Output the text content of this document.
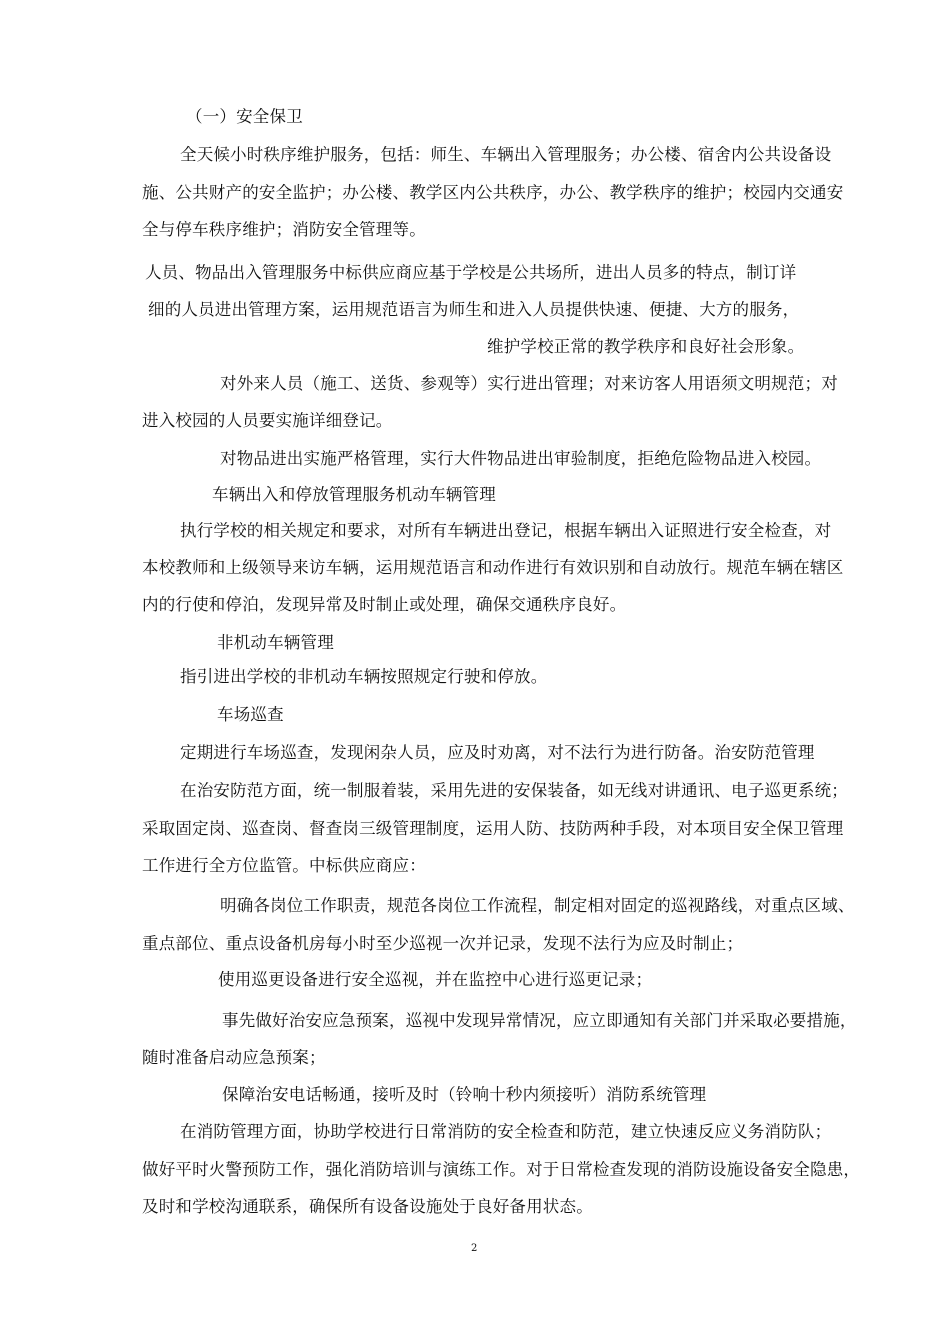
（一）安全保卫
全天候小时秩序维护服务，包括：师生、车辆出入管理服务；办公楼、宿舍内公共设备设
施、公共财产的安全监护；办公楼、教学区内公共秩序，办公、教学秩序的维护；校园内交通安
全与停车秩序维护；消防安全管理等。
人员、物品出入管理服务中标供应商应基于学校是公共场所，进出人员多的特点，制订详
细的人员进出管理方案，运用规范语言为师生和进入人员提供快速、便捷、大方的服务，
维护学校正常的教学秩序和良好社会形象。
对外来人员（施工、送货、参观等）实行进出管理；对来访客人用语须文明规范；对
进入校园的人员要实施详细登记。
对物品进出实施严格管理，实行大件物品进出审验制度，拒绝危险物品进入校园。
车辆出入和停放管理服务机动车辆管理
执行学校的相关规定和要求，对所有车辆进出登记，根据车辆出入证照进行安全检查，对
本校教师和上级领导来访车辆，运用规范语言和动作进行有效识别和自动放行。规范车辆在辖区
内的行使和停泊，发现异常及时制止或处理，确保交通秩序良好。
非机动车辆管理
指引进出学校的非机动车辆按照规定行驶和停放。
车场巡查
定期进行车场巡查，发现闲杂人员，应及时劝离，对不法行为进行防备。治安防范管理
在治安防范方面，统一制服着装，采用先进的安保装备，如无线对讲通讯、电子巡更系统；
采取固定岗、巡查岗、督查岗三级管理制度，运用人防、技防两种手段，对本项目安全保卫管理
工作进行全方位监管。中标供应商应：
明确各岗位工作职责，规范各岗位工作流程，制定相对固定的巡视路线，对重点区域、
重点部位、重点设备机房每小时至少巡视一次并记录，发现不法行为应及时制止；
使用巡更设备进行安全巡视，并在监控中心进行巡更记录；
事先做好治安应急预案，巡视中发现异常情况，应立即通知有关部门并采取必要措施，
随时准备启动应急预案；
保障治安电话畅通，接听及时（铃响十秒内须接听）消防系统管理
在消防管理方面，协助学校进行日常消防的安全检查和防范，建立快速反应义务消防队；
做好平时火警预防工作，强化消防培训与演练工作。对于日常检查发现的消防设施设备安全隐患，
及时和学校沟通联系，确保所有设备设施处于良好备用状态。
2
